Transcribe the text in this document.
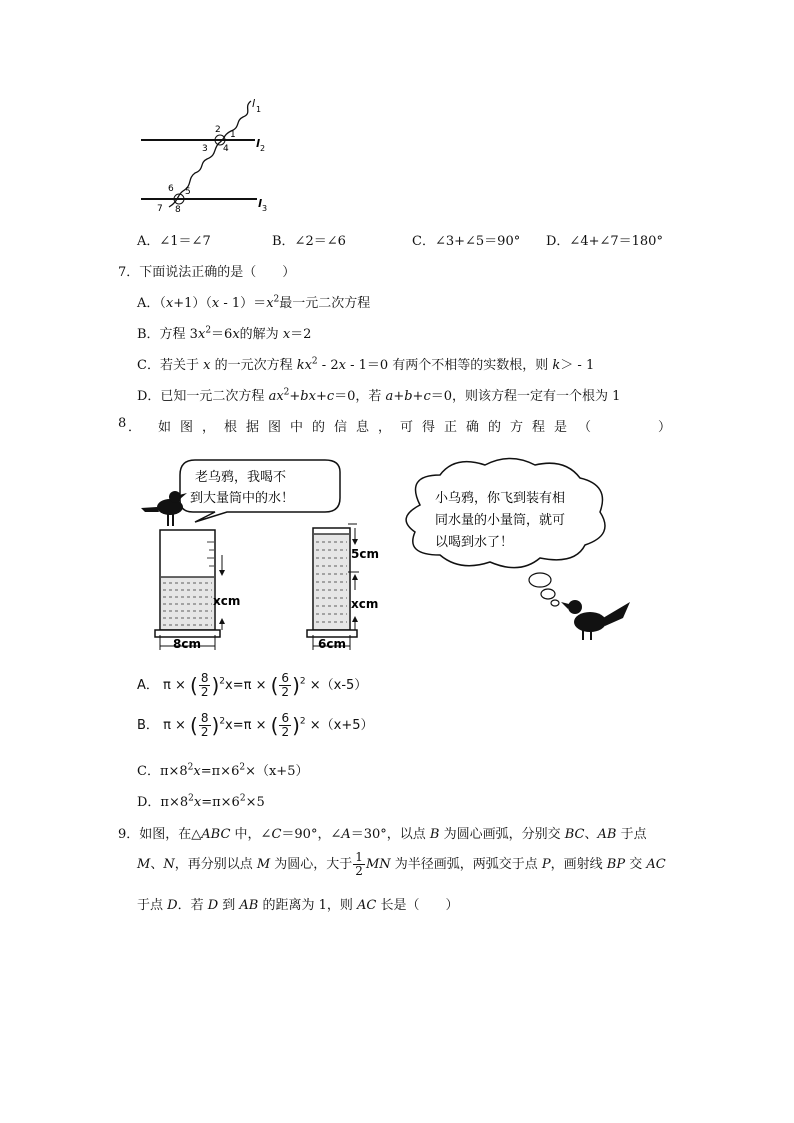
l 1
l 2
l 3
1
2
3 4
5
6
7 8
A．∠1＝∠7	B．∠2＝∠6	C．∠3+∠5＝90° D．∠4+∠7＝180°
7．下面说法正确的是（　　）
A．$(x+1)(x - 1)=x^2$最一元二次方程
B．方程 $3x^2=6x$的解为 x＝2
C．若关于 x 的一元次方程 $kx^2 - 2x - 1=0$ 有两个不相等的实数根，则 k＞ - 1
D．已知一元二次方程 $ax^2+bx+c=0$，若 a+b+c＝0，则该方程一定有一个根为 1
8 ． 如 图 ， 根 据 图 中 的 信 息 ， 可 得 正 确 的 方 程 是 （	）
老乌鸦，我喝不
到大量筒中的水！
xcm
8cm
5cm
xcm
6cm
小乌鸦，你飞到装有相
同水量的小量筒，就可
以喝到水了！
A． π × ( $\frac{8}{2} )^2x=\pi$ × ( $\frac{6}{2} )^2 \times(x-5)$
B． π × ( $\frac{8}{2} )^2x=\pi$ × ( $\frac{6}{2} )^2 \times(x+5)$
C．$\pi\times 8^2x=\pi\times 6^2\times(x+5)$
D．$\pi\times 8^2x=\pi\times 6^2\times 5$
9．如图，在△ABC 中，∠C＝90°，∠A＝30°，以点 B 为圆心画弧，分别交 BC、AB 于点
M、N，再分别以点 M 为圆心，大于 $\frac{1}{2}$ MN 为半径画弧，两弧交于点 P，画射线 BP 交 AC
于点 D．若 D 到 AB 的距离为 1，则 AC 长是（　　）
